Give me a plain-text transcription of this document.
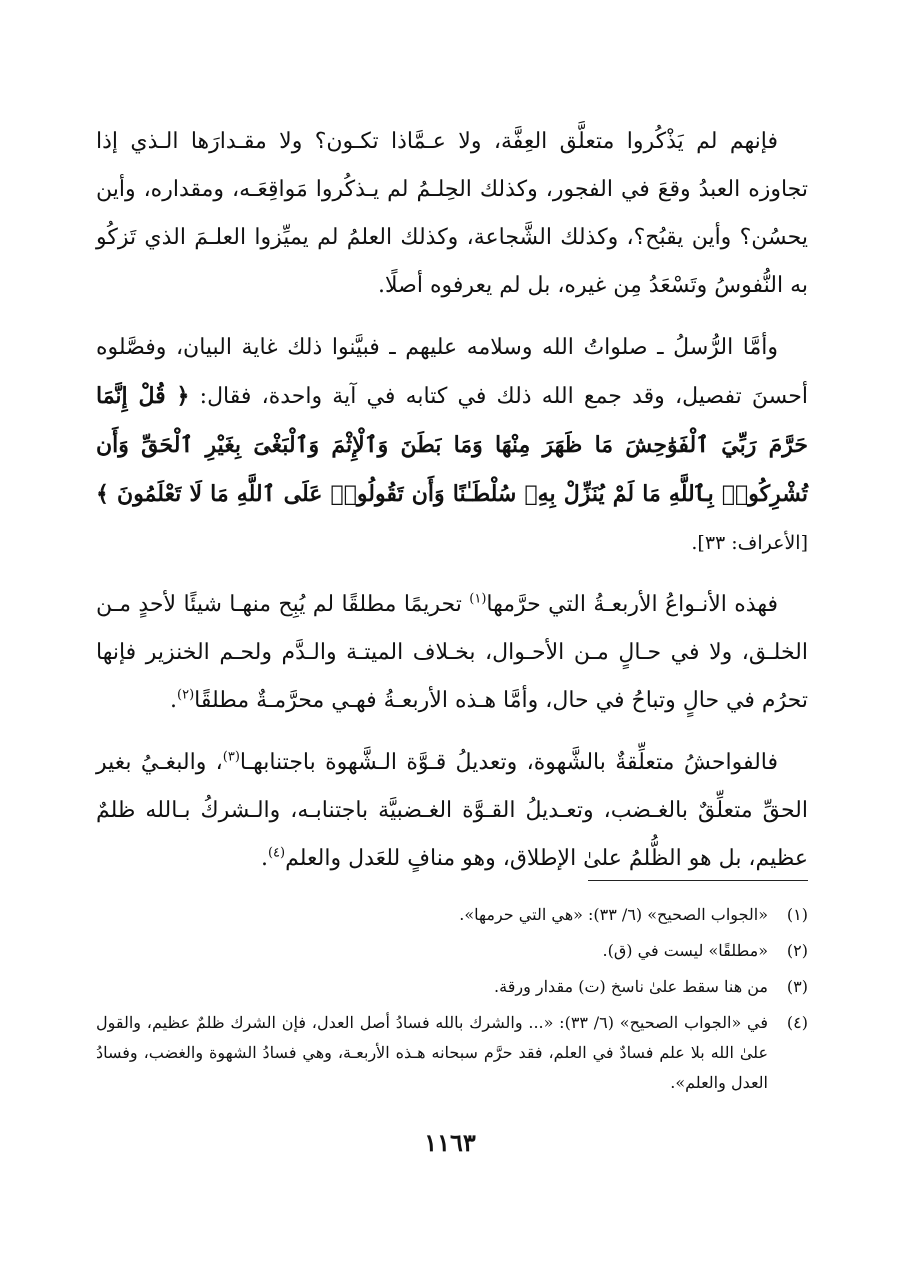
فإنهم لم يَذْكُروا متعلَّق العِفَّة، ولا عـمَّاذا تكـون؟ ولا مقـدارَها الـذي إذا تجاوزه العبدُ وقعَ في الفجور، وكذلك الحِلـمُ لم يـذكُروا مَواقِعَـه، ومقداره، وأين يحسُن؟ وأين يقبُح؟، وكذلك الشَّجاعة، وكذلك العلمُ لم يميِّزوا العلـمَ الذي تَزكُو به النُّفوسُ وتَسْعَدُ مِن غيره، بل لم يعرفوه أصلًا.

وأمَّا الرُّسلُ ـ صلواتُ الله وسلامه عليهم ـ فبيَّنوا ذلك غاية البيان، وفصَّلوه أحسنَ تفصيل، وقد جمع الله ذلك في كتابه في آية واحدة، فقال: ﴿ قُلْ إِنَّمَا حَرَّمَ رَبِّيَ ٱلْفَوَٰحِشَ مَا ظَهَرَ مِنْهَا وَمَا بَطَنَ وَٱلْإِثْمَ وَٱلْبَغْىَ بِغَيْرِ ٱلْحَقِّ وَأَن تُشْرِكُوا۟ بِٱللَّهِ مَا لَمْ يُنَزِّلْ بِهِۦ سُلْطَـٰنًا وَأَن تَقُولُوا۟ عَلَى ٱللَّهِ مَا لَا تَعْلَمُونَ ﴾ [الأعراف: ٣٣].

فهذه الأنـواعُ الأربعـةُ التي حرَّمها$^{(١)}$ تحريمًا مطلقًا لم يُبِح منهـا شيئًا لأحدٍ مـن الخلـق، ولا في حـالٍ مـن الأحـوال، بخـلاف الميتـة والـدَّم ولحـم الخنزير فإنها تحرُم في حالٍ وتباحُ في حال، وأمَّا هـذه الأربعـةُ فهـي محرَّمـةٌ مطلقًا$^{(٢)}$.

فالفواحشُ متعلِّقةٌ بالشَّهوة، وتعديلُ قـوَّة الـشَّهوة باجتنابهـا$^{(٣)}$، والبغـيُ بغير الحقِّ متعلِّقٌ بالغـضب، وتعـديلُ القـوَّة الغـضبيَّة باجتنابـه، والـشركُ بـالله ظلمٌ عظيم، بل هو الظُّلمُ علىٰ الإطلاق، وهو منافٍ للعَدل والعلم$^{(٤)}$.

(١)
«الجواب الصحيح» (٦/ ٣٣): «هي التي حرمها».
(٢)
«مطلقًا» ليست في (ق).
(٣)
من هنا سقط علىٰ ناسخ (ت) مقدار ورقة.
(٤)
في «الجواب الصحيح» (٦/ ٣٣): «... والشرك بالله فسادُ أصل العدل، فإن الشرك ظلمٌ عظيم، والقول علىٰ الله بلا علم فسادٌ في العلم، فقد حرَّم سبحانه هـذه الأربعـة، وهي فسادُ الشهوة والغضب، وفسادُ العدل والعلم».
١١٦٣
